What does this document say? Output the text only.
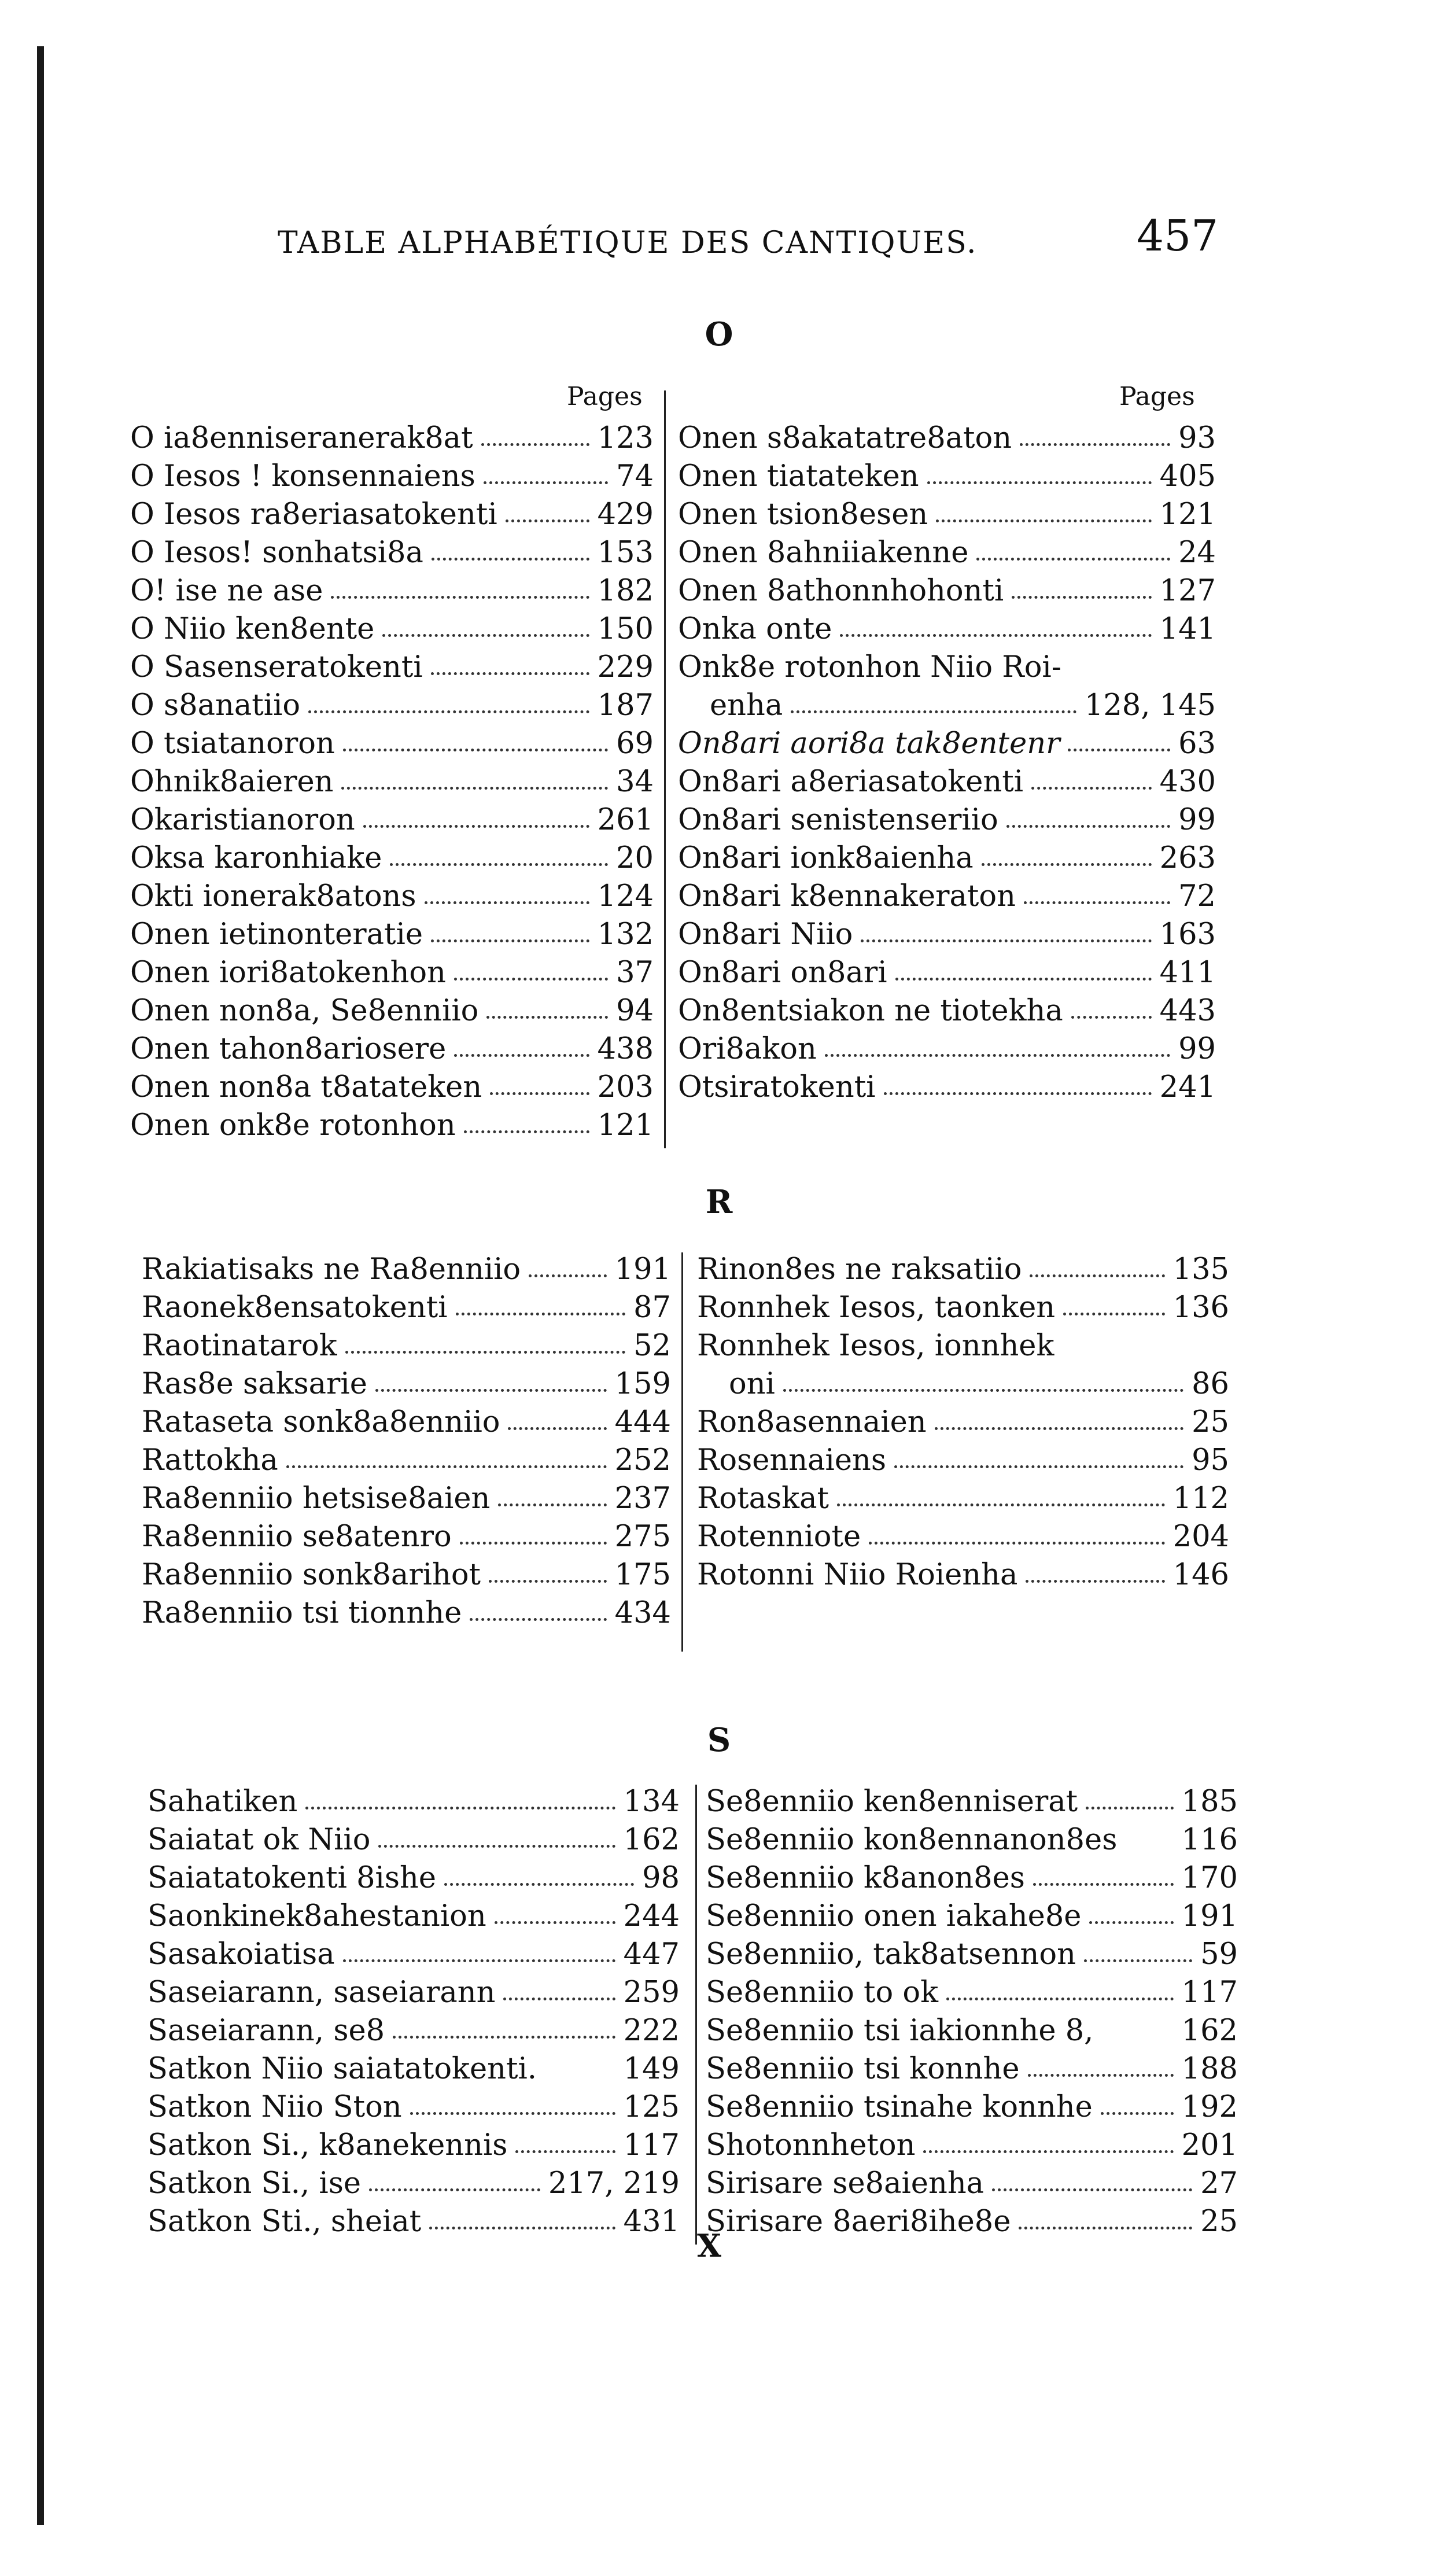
TABLE ALPHABÉTIQUE DES CANTIQUES.	457
O
Pages	Pages
O ia8enniseranerak8at	123
O Iesos ! konsennaiens	74
O Iesos ra8eriasatokenti	429
O Iesos! sonhatsi8a	153
O! ise ne ase	182
O Niio ken8ente	150
O Sasenseratokenti	229
O s8anatiio	187
O tsiatanoron	69
Ohnik8aieren	34
Okaristianoron	261
Oksa karonhiake	20
Okti ionerak8atons	124
Onen ietinonteratie	132
Onen iori8atokenhon	37
Onen non8a, Se8enniio	94
Onen tahon8ariosere	438
Onen non8a t8atateken	203
Onen onk8e rotonhon	121
Onen s8akatatre8aton	93
Onen tiatateken	405
Onen tsion8esen	121
Onen 8ahniiakenne	24
Onen 8athonnhohonti	127
Onka onte	141
Onk8e rotonhon Niio Roi-
enha	128, 145
On8ari aori8a tak8entenr	63
On8ari a8eriasatokenti	430
On8ari senistenseriio	99
On8ari ionk8aienha	263
On8ari k8ennakeraton	72
On8ari Niio	163
On8ari on8ari	411
On8entsiakon ne tiotekha	443
Ori8akon	99
Otsiratokenti	241
R
Rakiatisaks ne Ra8enniio	191
Raonek8ensatokenti	87
Raotinatarok	52
Ras8e saksarie	159
Rataseta sonk8a8enniio	444
Rattokha	252
Ra8enniio hetsise8aien	237
Ra8enniio se8atenro	275
Ra8enniio sonk8arihot	175
Ra8enniio tsi tionnhe	434
Rinon8es ne raksatiio	135
Ronnhek Iesos, taonken	136
Ronnhek Iesos, ionnhek
oni	86
Ron8asennaien	25
Rosennaiens	95
Rotaskat	112
Rotenniote	204
Rotonni Niio Roienha	146
S
Sahatiken	134
Saiatat ok Niio	162
Saiatatokenti 8ishe	98
Saonkinek8ahestanion	244
Sasakoiatisa	447
Saseiarann, saseiarann	259
Saseiarann, se8	222
Satkon Niio saiatatokenti.	149
Satkon Niio Ston	125
Satkon Si., k8anekennis	117
Satkon Si., ise	217, 219
Satkon Sti., sheiat	431
Se8enniio ken8enniserat	185
Se8enniio kon8ennanon8es 116
Se8enniio k8anon8es	170
Se8enniio onen iakahe8e	191
Se8enniio, tak8atsennon	59
Se8enniio to ok	117
Se8enniio tsi iakionnhe 8,	162
Se8enniio tsi konnhe	188
Se8enniio tsinahe konnhe	192
Shotonnheton	201
Sirisare se8aienha	27
Sirisare 8aeri8ihe8e	25
X
